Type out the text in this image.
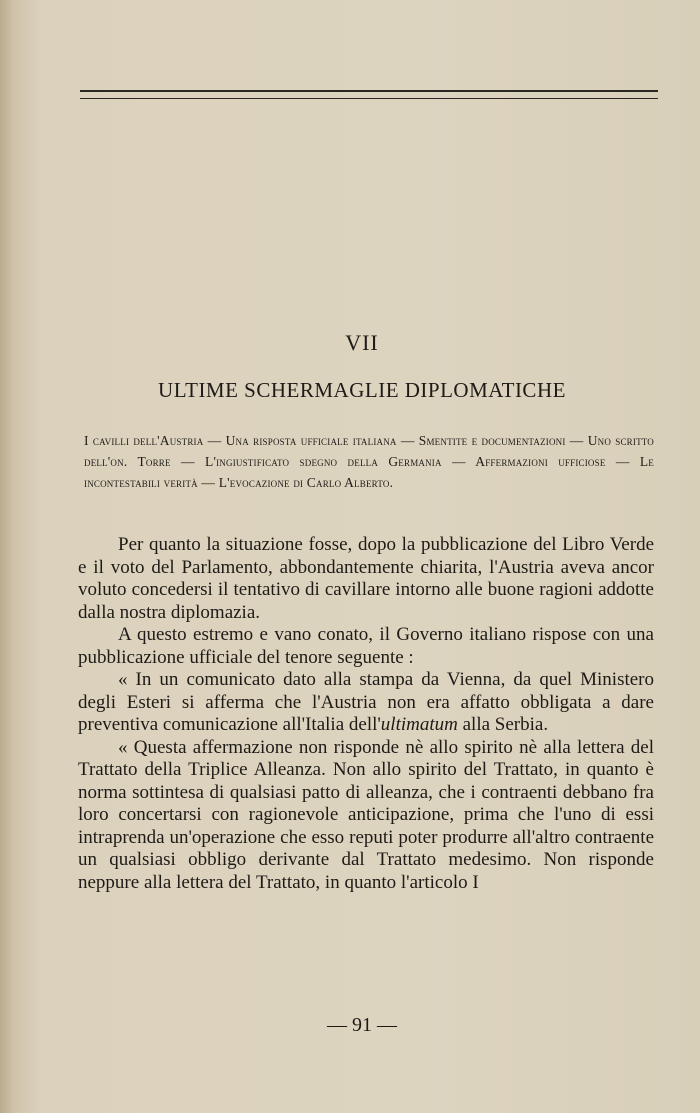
VII
ULTIME SCHERMAGLIE DIPLOMATICHE
I cavilli dell'Austria — Una risposta ufficiale italiana — Smentite e documentazioni — Uno scritto dell'on. Torre — L'ingiustificato sdegno della Germania — Affermazioni ufficiose — Le incontestabili verità — L'evocazione di Carlo Alberto.

Per quanto la situazione fosse, dopo la pubblicazione del Libro Verde e il voto del Parlamento, abbondantemente chiarita, l'Austria aveva ancor voluto concedersi il tentativo di cavillare intorno alle buone ragioni addotte dalla nostra diplomazia.

A questo estremo e vano conato, il Governo italiano rispose con una pubblicazione ufficiale del tenore seguente :

« In un comunicato dato alla stampa da Vienna, da quel Ministero degli Esteri si afferma che l'Austria non era affatto obbligata a dare preventiva comunicazione all'Italia dell'ultimatum alla Serbia.

« Questa affermazione non risponde nè allo spirito nè alla lettera del Trattato della Triplice Alleanza. Non allo spirito del Trattato, in quanto è norma sottintesa di qualsiasi patto di alleanza, che i contraenti debbano fra loro concertarsi con ragionevole anticipazione, prima che l'uno di essi intraprenda un'operazione che esso reputi poter produrre all'altro contraente un qualsiasi obbligo derivante dal Trattato medesimo. Non risponde neppure alla lettera del Trattato, in quanto l'articolo I

— 91 —
